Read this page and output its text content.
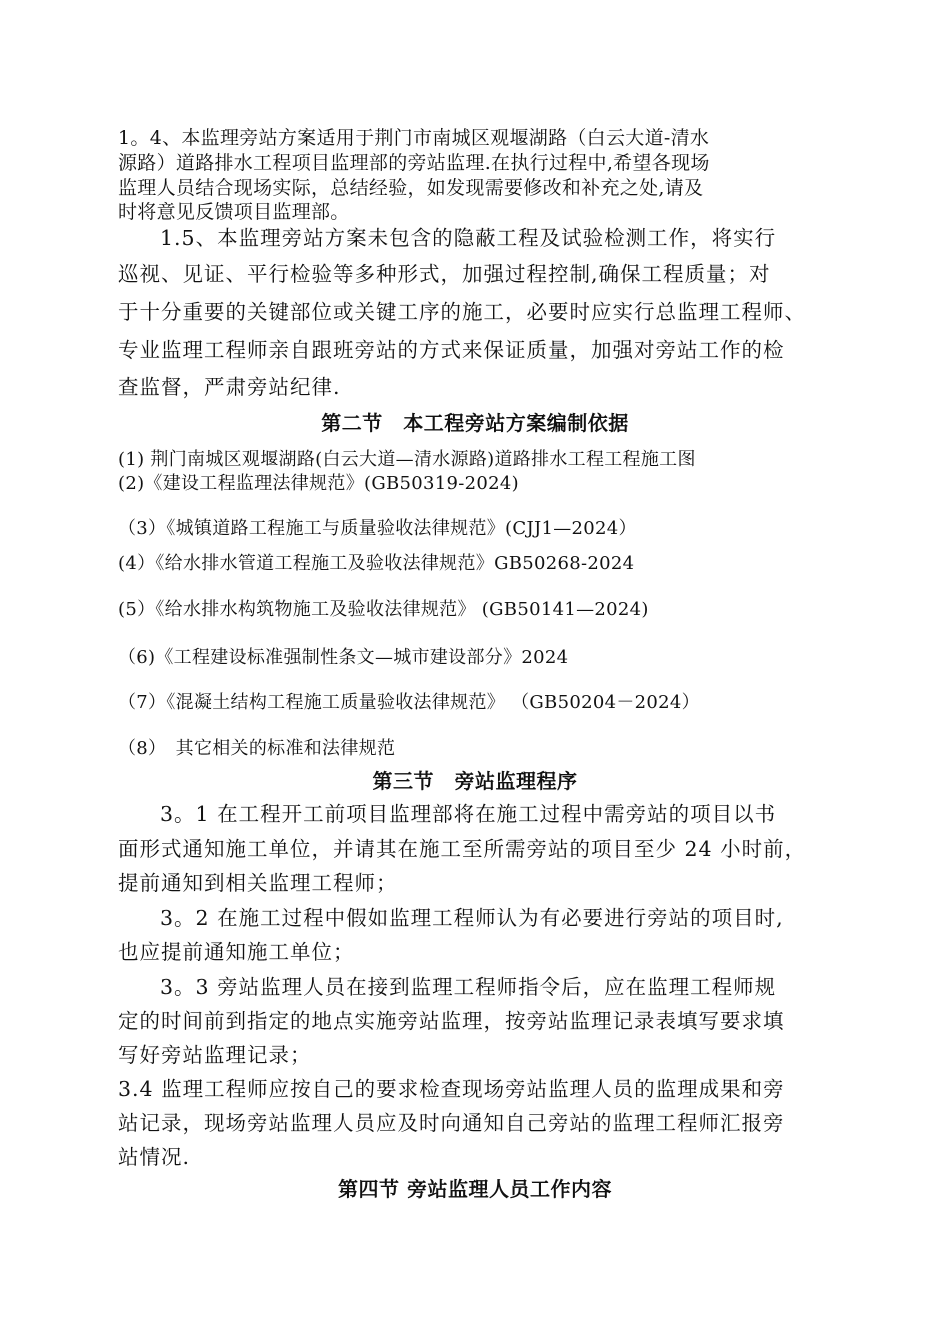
1。4、本监理旁站方案适用于荆门市南城区观堰湖路（白云大道-清水
源路）道路排水工程项目监理部的旁站监理.在执行过程中,希望各现场
监理人员结合现场实际，总结经验，如发现需要修改和补充之处,请及
时将意见反馈项目监理部。
1.5、本监理旁站方案未包含的隐蔽工程及试验检测工作，将实行
巡视、见证、平行检验等多种形式，加强过程控制,确保工程质量；对
于十分重要的关键部位或关键工序的施工，必要时应实行总监理工程师、
专业监理工程师亲自跟班旁站的方式来保证质量，加强对旁站工作的检
查监督，严肃旁站纪律.
第二节　本工程旁站方案编制依据
(1) 荆门南城区观堰湖路(白云大道—清水源路)道路排水工程工程施工图
(2)《建设工程监理法律规范》(GB50319-2024)
（3）《城镇道路工程施工与质量验收法律规范》(CJJ1—2024）
(4）《给水排水管道工程施工及验收法律规范》GB50268-2024
(5）《给水排水构筑物施工及验收法律规范》 (GB50141—2024)
（6)《工程建设标准强制性条文—城市建设部分》2024
（7）《混凝土结构工程施工质量验收法律规范》 （GB50204－2024）
（8）　其它相关的标准和法律规范
第三节　旁站监理程序
3。1 在工程开工前项目监理部将在施工过程中需旁站的项目以书
面形式通知施工单位，并请其在施工至所需旁站的项目至少 24 小时前，
提前通知到相关监理工程师；
3。2 在施工过程中假如监理工程师认为有必要进行旁站的项目时,
也应提前通知施工单位；
3。3 旁站监理人员在接到监理工程师指令后，应在监理工程师规
定的时间前到指定的地点实施旁站监理，按旁站监理记录表填写要求填
写好旁站监理记录；
3.4 监理工程师应按自己的要求检查现场旁站监理人员的监理成果和旁
站记录，现场旁站监理人员应及时向通知自己旁站的监理工程师汇报旁
站情况.
第四节 旁站监理人员工作内容
